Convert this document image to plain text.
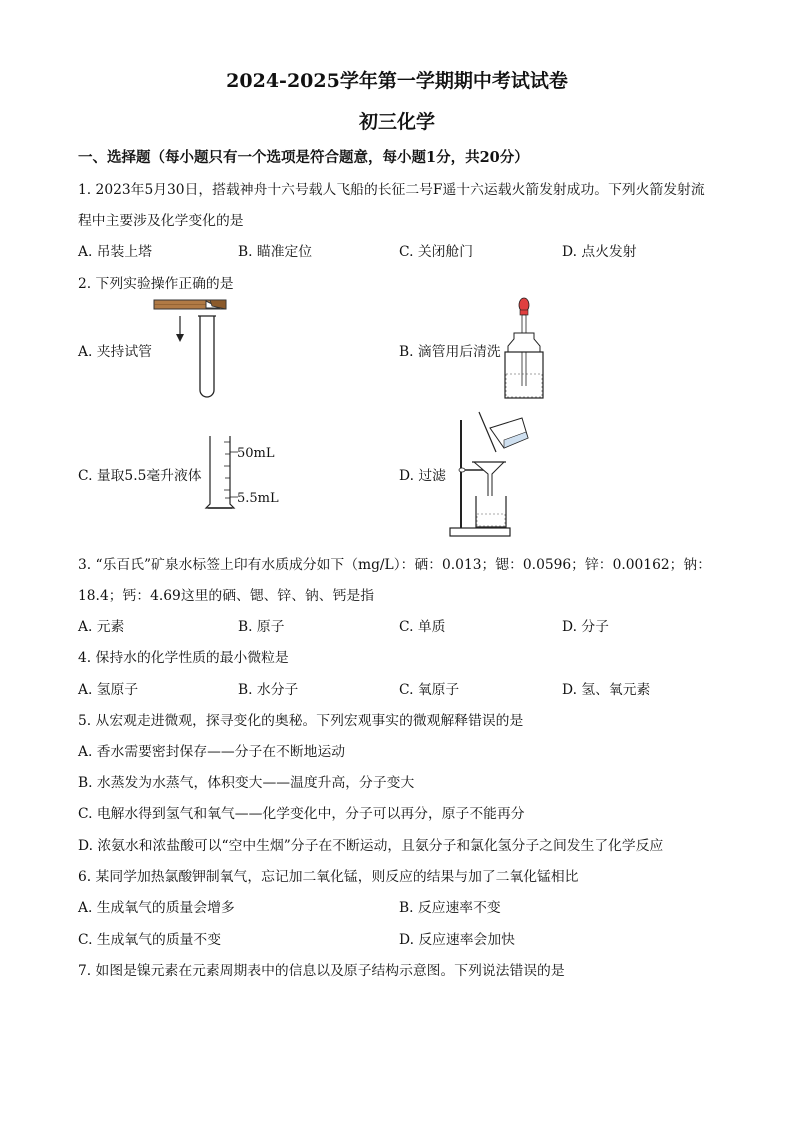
2024-2025学年第一学期期中考试试卷
初三化学
一、选择题（每小题只有一个选项是符合题意，每小题1分，共20分）
1. 2023年5月30日，搭载神舟十六号载人飞船的长征二号F遥十六运载火箭发射成功。下列火箭发射流
程中主要涉及化学变化的是
A. 吊装上塔	B. 瞄准定位	C. 关闭舱门	D. 点火发射
2. 下列实验操作正确的是
A. 夹持试管	B. 滴管用后清洗
C. 量取5.5毫升液体
50mL
5.5mL
D. 过滤
3. “乐百氏”矿泉水标签上印有水质成分如下（mg/L）：硒：0.013；锶：0.0596；锌：0.00162；钠：
18.4；钙：4.69这里的硒、锶、锌、钠、钙是指
A. 元素	B. 原子	C. 单质	D. 分子
4. 保持水的化学性质的最小微粒是
A. 氢原子	B. 水分子	C. 氧原子	D. 氢、氧元素
5. 从宏观走进微观，探寻变化的奥秘。下列宏观事实的微观解释错误的是
A. 香水需要密封保存——分子在不断地运动
B. 水蒸发为水蒸气，体积变大——温度升高，分子变大
C. 电解水得到氢气和氧气——化学变化中，分子可以再分，原子不能再分
D. 浓氨水和浓盐酸可以“空中生烟”分子在不断运动，且氨分子和氯化氢分子之间发生了化学反应
6. 某同学加热氯酸钾制氧气，忘记加二氧化锰，则反应的结果与加了二氧化锰相比
A. 生成氧气的质量会增多	B. 反应速率不变
C. 生成氧气的质量不变	D. 反应速率会加快
7. 如图是镍元素在元素周期表中的信息以及原子结构示意图。下列说法错误的是
